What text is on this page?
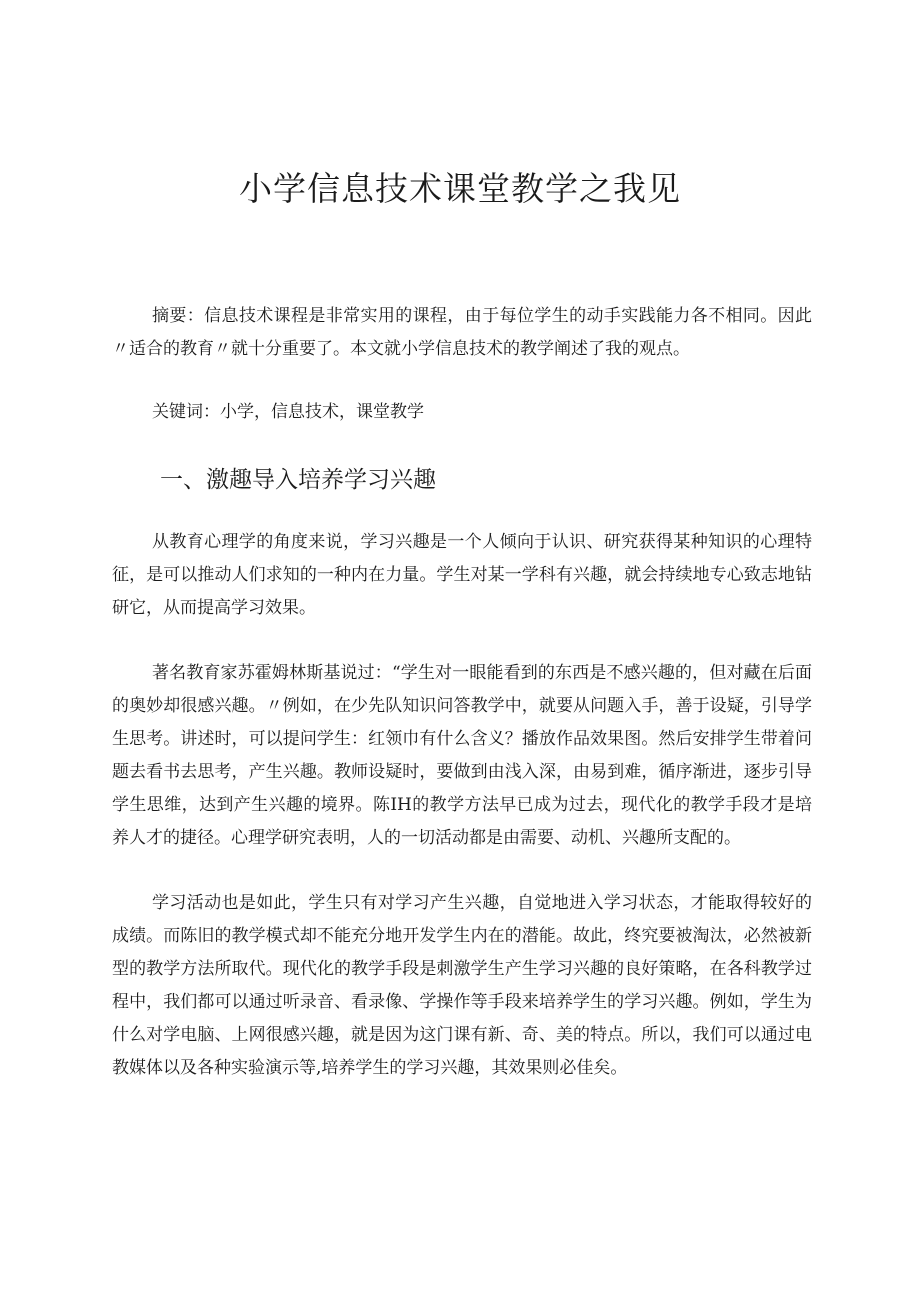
小学信息技术课堂教学之我见

摘要：信息技术课程是非常实用的课程，由于每位学生的动手实践能力各不相同。因此〃适合的教育〃就十分重要了。本文就小学信息技术的教学阐述了我的观点。

关键词：小学，信息技术，课堂教学

一、激趣导入培养学习兴趣

从教育心理学的角度来说，学习兴趣是一个人倾向于认识、研究获得某种知识的心理特征，是可以推动人们求知的一种内在力量。学生对某一学科有兴趣，就会持续地专心致志地钻研它，从而提高学习效果。

著名教育家苏霍姆林斯基说过：“学生对一眼能看到的东西是不感兴趣的，但对藏在后面的奥妙却很感兴趣。〃例如，在少先队知识问答教学中，就要从问题入手，善于设疑，引导学生思考。讲述时，可以提问学生：红领巾有什么含义？播放作品效果图。然后安排学生带着问题去看书去思考，产生兴趣。教师设疑时，要做到由浅入深，由易到难，循序渐进，逐步引导学生思维，达到产生兴趣的境界。陈IH的教学方法早已成为过去，现代化的教学手段才是培养人才的捷径。心理学研究表明，人的一切活动都是由需要、动机、兴趣所支配的。

学习活动也是如此，学生只有对学习产生兴趣，自觉地进入学习状态，才能取得较好的成绩。而陈旧的教学模式却不能充分地开发学生内在的潜能。故此，终究要被淘汰，必然被新型的教学方法所取代。现代化的教学手段是刺激学生产生学习兴趣的良好策略，在各科教学过程中，我们都可以通过听录音、看录像、学操作等手段来培养学生的学习兴趣。例如，学生为什么对学电脑、上网很感兴趣，就是因为这门课有新、奇、美的特点。所以，我们可以通过电教媒体以及各种实验演示等,培养学生的学习兴趣，其效果则必佳矣。
